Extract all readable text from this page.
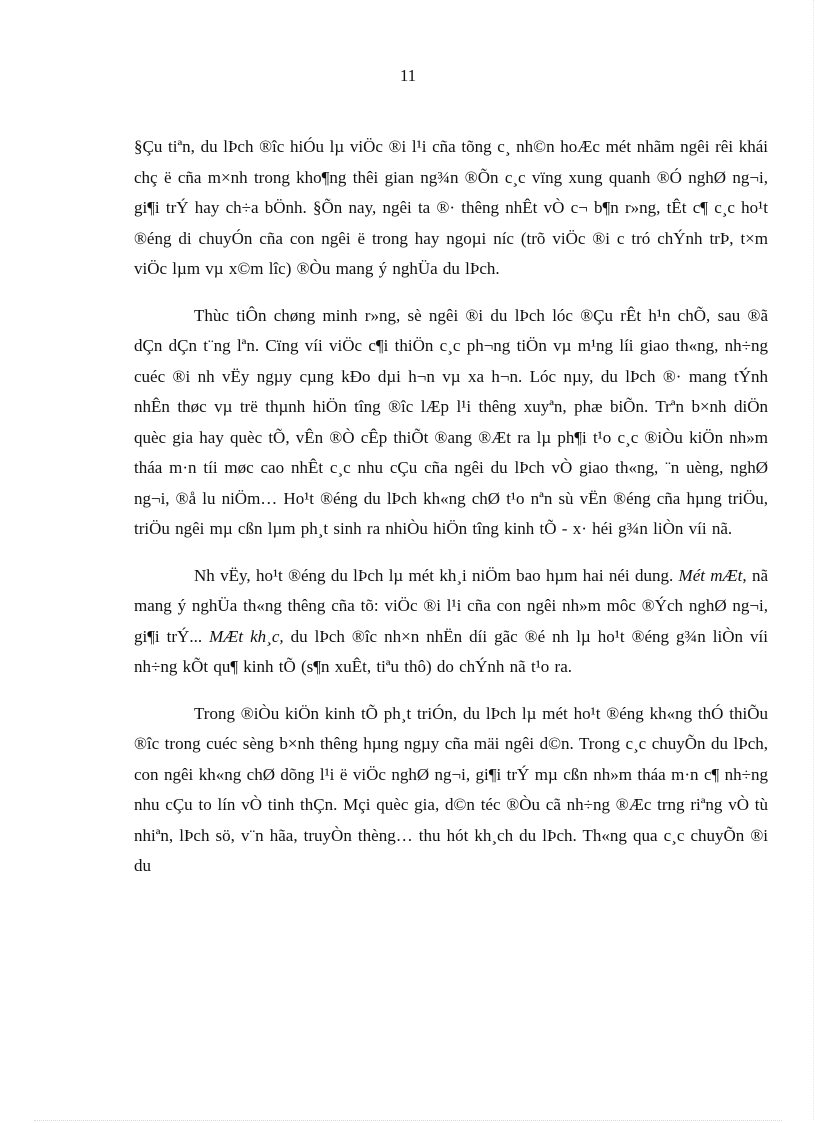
11

§Çu tiªn, du lÞch ®îc hiÓu lµ viÖc ®i l¹i cña tõng c¸ nh©n hoÆc mét nhãm ngêi rêi khái chç ë cña m×nh trong kho¶ng thêi gian ng¾n ®Õn c¸c vïng xung quanh ®Ó nghØ ng¬i, gi¶i trÝ hay ch÷a bÖnh. §Õn nay, ngêi ta ®· thêng nhÊt vÒ c¬ b¶n r»ng, tÊt c¶ c¸c ho¹t ®éng di chuyÓn cña con ngêi ë trong hay ngoµi níc (trõ viÖc ®i c tró chÝnh trÞ, t×m viÖc lµm vµ x©m lîc) ®Òu mang ý nghÜa du lÞch.

Thùc tiÔn chøng minh r»ng, sè ngêi ®i du lÞch lóc ®Çu rÊt h¹n chÕ, sau ®ã dÇn dÇn t¨ng lªn. Cïng víi viÖc c¶i thiÖn c¸c ph¬ng tiÖn vµ m¹ng líi giao th«ng, nh÷ng cuéc ®i nh vËy ngµy cµng kÐo dµi h¬n vµ xa h¬n. Lóc nµy, du lÞch ®· mang tÝnh nhÊn thøc vµ trë thµnh hiÖn tîng ®îc lÆp l¹i thêng xuyªn, phæ biÕn. Trªn b×nh diÖn quèc gia hay quèc tÕ, vÊn ®Ò cÊp thiÕt ®ang ®Æt ra lµ ph¶i t¹o c¸c ®iÒu kiÖn nh»m tháa m·n tíi møc cao nhÊt c¸c nhu cÇu cña ngêi du lÞch vÒ giao th«ng, ¨n uèng, nghØ ng¬i, ®å lu niÖm… Ho¹t ®éng du lÞch kh«ng chØ t¹o nªn sù vËn ®éng cña hµng triÖu, triÖu ngêi mµ cßn lµm ph¸t sinh ra nhiÒu hiÖn tîng kinh tÕ - x· héi g¾n liÒn víi nã.

Nh vËy, ho¹t ®éng du lÞch lµ mét kh¸i niÖm bao hµm hai néi dung. Mét mÆt, nã mang ý nghÜa th«ng thêng cña tõ: viÖc ®i l¹i cña con ngêi nh»m môc ®Ých nghØ ng¬i, gi¶i trÝ... MÆt kh¸c, du lÞch ®îc nh×n nhËn díi gãc ®é nh lµ ho¹t ®éng g¾n liÒn víi nh÷ng kÕt qu¶ kinh tÕ (s¶n xuÊt, tiªu thô) do chÝnh nã t¹o ra.

Trong ®iÒu kiÖn kinh tÕ ph¸t triÓn, du lÞch lµ mét ho¹t ®éng kh«ng thÓ thiÕu ®îc trong cuéc sèng b×nh thêng hµng ngµy cña mäi ngêi d©n. Trong c¸c chuyÕn du lÞch, con ngêi kh«ng chØ dõng l¹i ë viÖc nghØ ng¬i, gi¶i trÝ mµ cßn nh»m tháa m·n c¶ nh÷ng nhu cÇu to lín vÒ tinh thÇn. Mçi quèc gia, d©n téc ®Òu cã nh÷ng ®Æc trng riªng vÒ tù nhiªn, lÞch sö, v¨n hãa, truyÒn thèng… thu hót kh¸ch du lÞch. Th«ng qua c¸c chuyÕn ®i du
